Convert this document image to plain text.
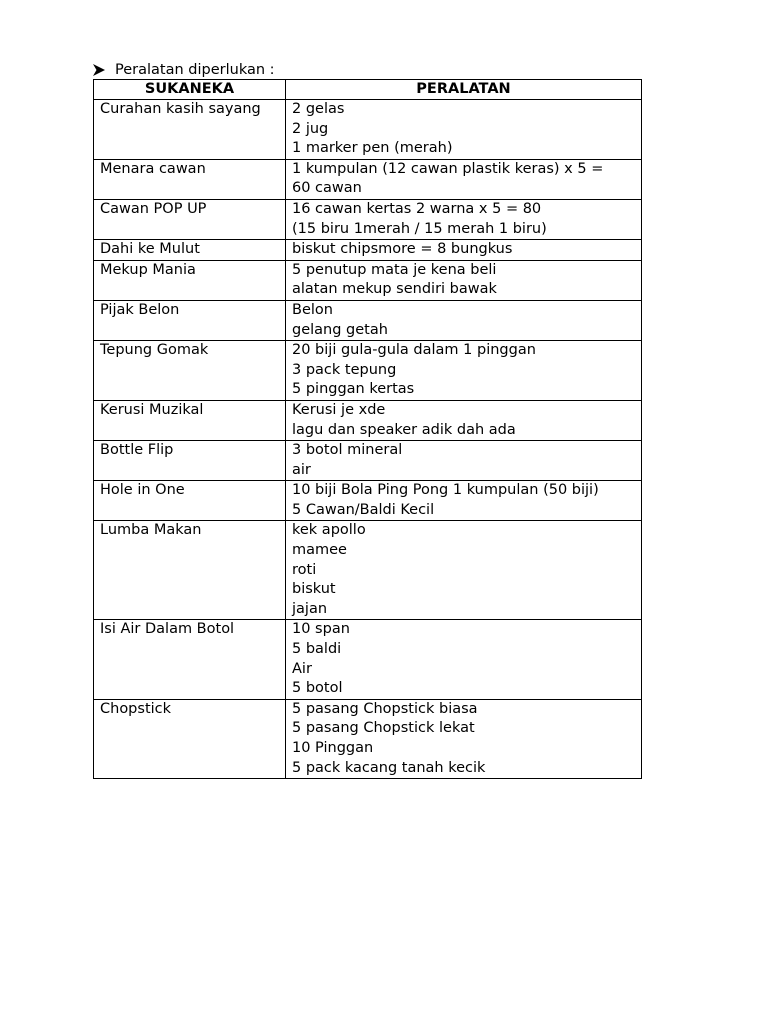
Peralatan diperlukan :
SUKANEKA	PERALATAN

Curahan kasih sayang	2 gelas
2 jug
1 marker pen (merah)

Menara cawan	1 kumpulan (12 cawan plastik keras) x 5 =
60 cawan

Cawan POP UP	16 cawan kertas 2 warna x 5 = 80
(15 biru 1merah / 15 merah 1 biru)

Dahi ke Mulut	biskut chipsmore = 8 bungkus

Mekup Mania	5 penutup mata je kena beli
alatan mekup sendiri bawak

Pijak Belon	Belon
gelang getah

Tepung Gomak	20 biji gula-gula dalam 1 pinggan
3 pack tepung
5 pinggan kertas

Kerusi Muzikal	Kerusi je xde
lagu dan speaker adik dah ada

Bottle Flip	3 botol mineral
air

Hole in One	10 biji Bola Ping Pong 1 kumpulan (50 biji)
5 Cawan/Baldi Kecil

Lumba Makan	kek apollo
mamee
roti
biskut
jajan

Isi Air Dalam Botol	10 span
5 baldi
Air
5 botol

Chopstick	5 pasang Chopstick biasa
5 pasang Chopstick lekat
10 Pinggan
5 pack kacang tanah kecik
